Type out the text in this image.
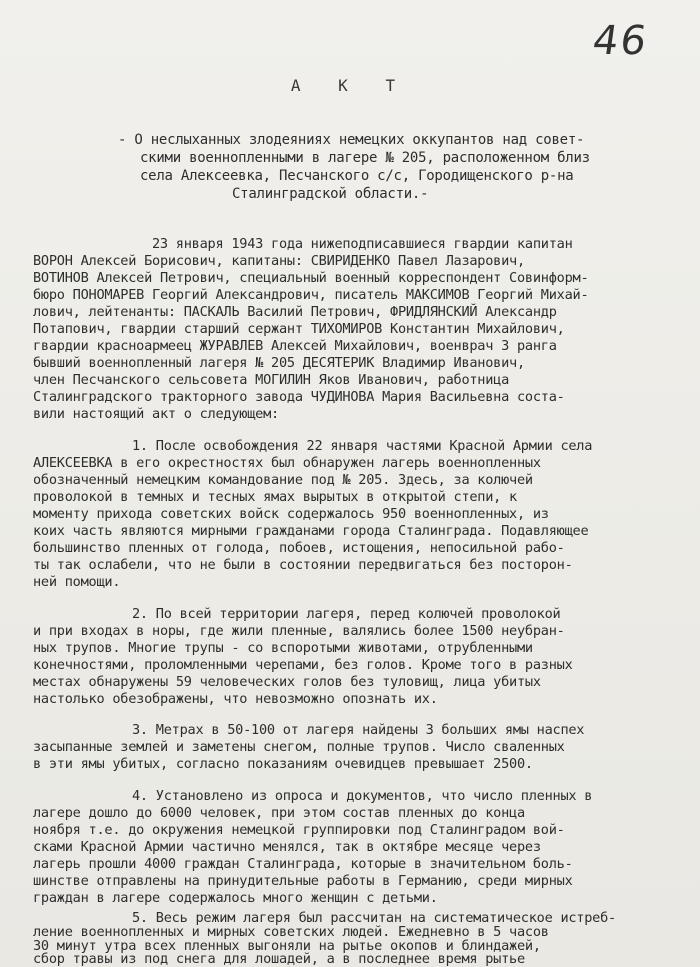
46
А К Т
- О неслыханных злодеяниях немецких оккупантов над совет-
скими военнопленными в лагере № 205, расположенном близ
села Алексеевка, Песчанского с/с, Городищенского р-на
Сталинградской области.-
23 января 1943 года нижеподписавшиеся гвардии капитан
ВОРОН Алексей Борисович, капитаны: СВИРИДЕНКО Павел Лазарович,
ВОТИНОВ Алексей Петрович, специальный военный корреспондент Совинформ-
бюро ПОНОМАРЕВ Георгий Александрович, писатель МАКСИМОВ Георгий Михай-
лович, лейтенанты: ПАСКАЛЬ Василий Петрович, ФРИДЛЯНСКИЙ Александр
Потапович, гвардии старший сержант ТИХОМИРОВ Константин Михайлович,
гвардии красноармеец ЖУРАВЛЕВ Алексей Михайлович, военврач 3 ранга
бывший военнопленный лагеря № 205 ДЕСЯТЕРИК Владимир Иванович,
член Песчанского сельсовета МОГИЛИН Яков Иванович, работница
Сталинградского тракторного завода ЧУДИНОВА Мария Васильевна соста-
вили настоящий акт о следующем:
1. После освобождения 22 января частями Красной Армии села
АЛЕКСЕЕВКА в его окрестностях был обнаружен лагерь военнопленных
обозначенный немецким командование под № 205. Здесь, за колючей
проволокой в темных и тесных ямах вырытых в открытой степи, к
моменту прихода советских войск содержалось 950 военнопленных, из
коих часть являются мирными гражданами города Сталинграда. Подавляющее
большинство пленных от голода, побоев, истощения, непосильной рабо-
ты так ослабели, что не были в состоянии передвигаться без посторон-
ней помощи.
2. По всей территории лагеря, перед колючей проволокой
и при входах в норы, где жили пленные, валялись более 1500 неубран-
ных трупов. Многие трупы - со вспоротыми животами, отрубленными
конечностями, проломленными черепами, без голов. Кроме того в разных
местах обнаружены 59 человеческих голов без туловищ, лица убитых
настолько обезображены, что невозможно опознать их.
3. Метрах в 50-100 от лагеря найдены 3 больших ямы наспех
засыпанные землей и заметены снегом, полные трупов. Число сваленных
в эти ямы убитых, согласно показаниям очевидцев превышает 2500.
4. Установлено из опроса и документов, что число пленных в
лагере дошло до 6000 человек, при этом состав пленных до конца
ноября т.е. до окружения немецкой группировки под Сталинградом вой-
сками Красной Армии частично менялся, так в октябре месяце через
лагерь прошли 4000 граждан Сталинграда, которые в значительном боль-
шинстве отправлены на принудительные работы в Германию, среди мирных
граждан в лагере содержалось много женщин с детьми.
5. Весь режим лагеря был рассчитан на систематическое истреб-
ление военнопленных и мирных советских людей. Ежедневно в 5 часов
30 минут утра всех пленных выгоняли на рытье окопов и блиндажей,
сбор травы из под снега для лошадей, а в последнее время рытье
